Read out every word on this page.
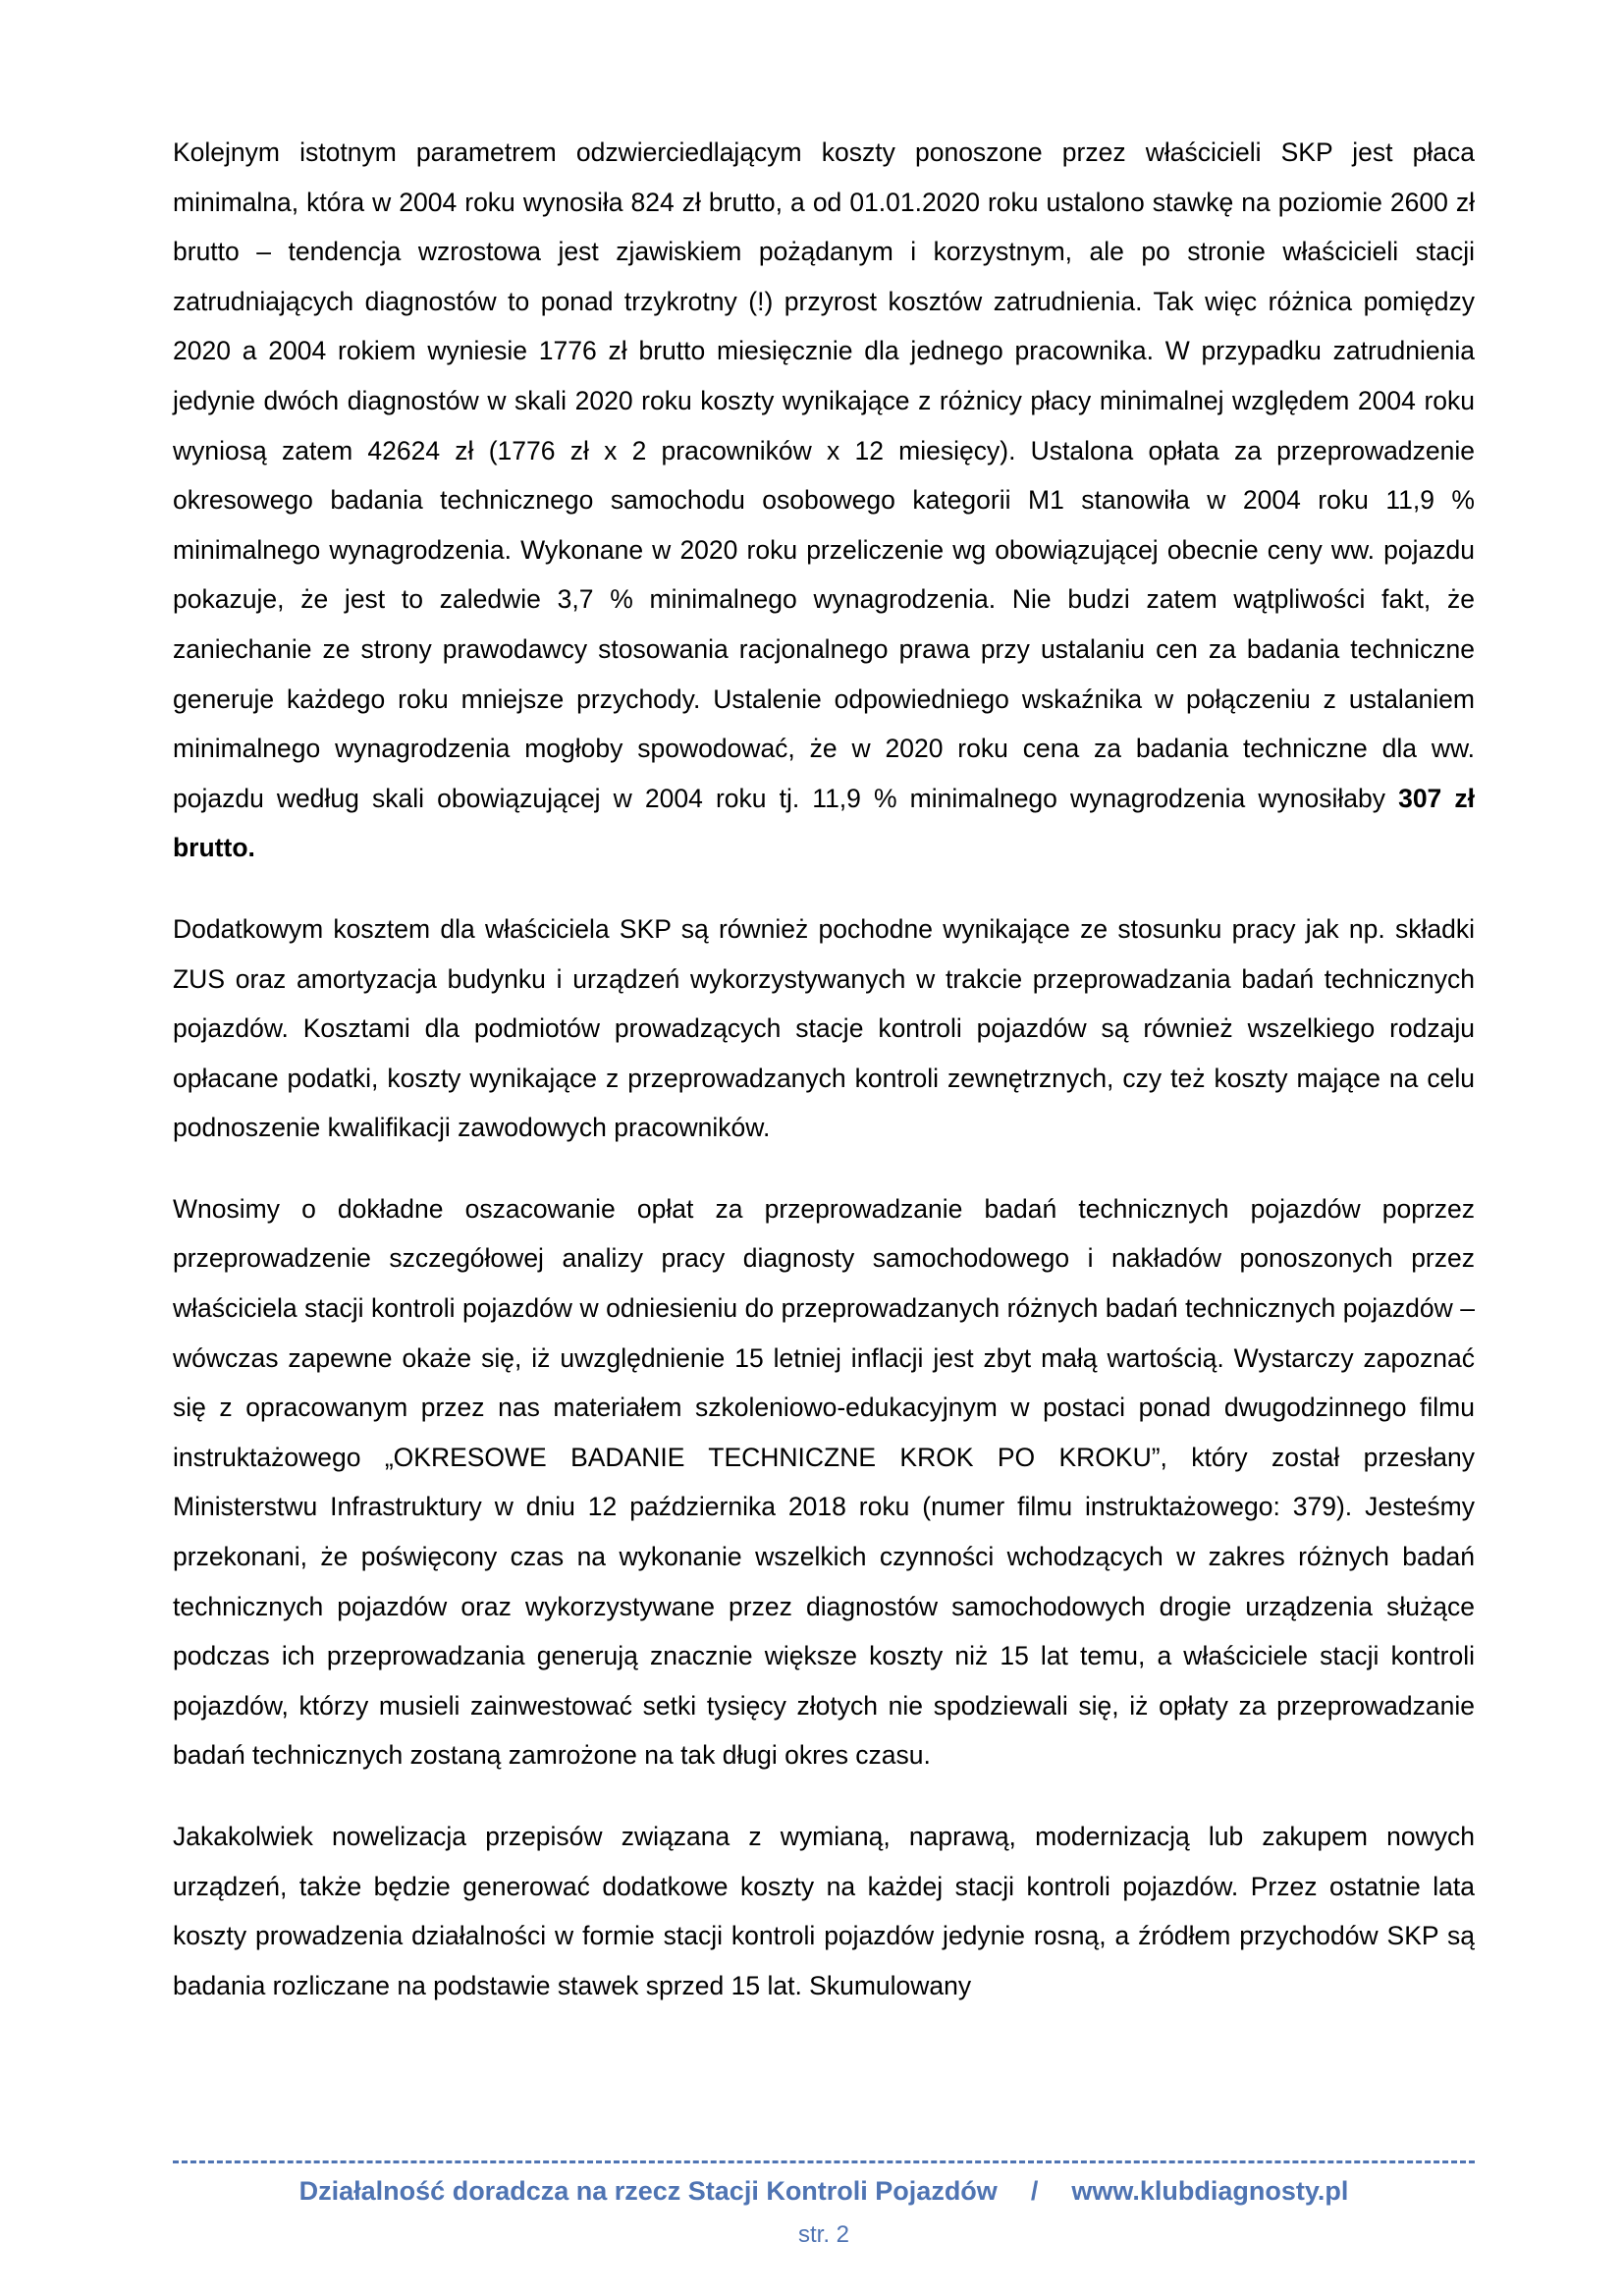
Kolejnym istotnym parametrem odzwierciedlającym koszty ponoszone przez właścicieli SKP jest płaca minimalna, która w 2004 roku wynosiła 824 zł brutto, a od 01.01.2020 roku ustalono stawkę na poziomie 2600 zł brutto – tendencja wzrostowa jest zjawiskiem pożądanym i korzystnym, ale po stronie właścicieli stacji zatrudniających diagnostów to ponad trzykrotny (!) przyrost kosztów zatrudnienia. Tak więc różnica pomiędzy 2020 a 2004 rokiem wyniesie 1776 zł brutto miesięcznie dla jednego pracownika. W przypadku zatrudnienia jedynie dwóch diagnostów w skali 2020 roku koszty wynikające z różnicy płacy minimalnej względem 2004 roku wyniosą zatem 42624 zł (1776 zł x 2 pracowników x 12 miesięcy). Ustalona opłata za przeprowadzenie okresowego badania technicznego samochodu osobowego kategorii M1 stanowiła w 2004 roku 11,9 % minimalnego wynagrodzenia. Wykonane w 2020 roku przeliczenie wg obowiązującej obecnie ceny ww. pojazdu pokazuje, że jest to zaledwie 3,7 % minimalnego wynagrodzenia. Nie budzi zatem wątpliwości fakt, że zaniechanie ze strony prawodawcy stosowania racjonalnego prawa przy ustalaniu cen za badania techniczne generuje każdego roku mniejsze przychody. Ustalenie odpowiedniego wskaźnika w połączeniu z ustalaniem minimalnego wynagrodzenia mogłoby spowodować, że w 2020 roku cena za badania techniczne dla ww. pojazdu według skali obowiązującej w 2004 roku tj. 11,9 % minimalnego wynagrodzenia wynosiłaby 307 zł brutto.

Dodatkowym kosztem dla właściciela SKP są również pochodne wynikające ze stosunku pracy jak np. składki ZUS oraz amortyzacja budynku i urządzeń wykorzystywanych w trakcie przeprowadzania badań technicznych pojazdów. Kosztami dla podmiotów prowadzących stacje kontroli pojazdów są również wszelkiego rodzaju opłacane podatki, koszty wynikające z przeprowadzanych kontroli zewnętrznych, czy też koszty mające na celu podnoszenie kwalifikacji zawodowych pracowników.

Wnosimy o dokładne oszacowanie opłat za przeprowadzanie badań technicznych pojazdów poprzez przeprowadzenie szczegółowej analizy pracy diagnosty samochodowego i nakładów ponoszonych przez właściciela stacji kontroli pojazdów w odniesieniu do przeprowadzanych różnych badań technicznych pojazdów – wówczas zapewne okaże się, iż uwzględnienie 15 letniej inflacji jest zbyt małą wartością. Wystarczy zapoznać się z opracowanym przez nas materiałem szkoleniowo-edukacyjnym w postaci ponad dwugodzinnego filmu instruktażowego „OKRESOWE BADANIE TECHNICZNE KROK PO KROKU”, który został przesłany Ministerstwu Infrastruktury w dniu 12 października 2018 roku (numer filmu instruktażowego: 379). Jesteśmy przekonani, że poświęcony czas na wykonanie wszelkich czynności wchodzących w zakres różnych badań technicznych pojazdów oraz wykorzystywane przez diagnostów samochodowych drogie urządzenia służące podczas ich przeprowadzania generują znacznie większe koszty niż 15 lat temu, a właściciele stacji kontroli pojazdów, którzy musieli zainwestować setki tysięcy złotych nie spodziewali się, iż opłaty za przeprowadzanie badań technicznych zostaną zamrożone na tak długi okres czasu.

Jakakolwiek nowelizacja przepisów związana z wymianą, naprawą, modernizacją lub zakupem nowych urządzeń, także będzie generować dodatkowe koszty na każdej stacji kontroli pojazdów. Przez ostatnie lata koszty prowadzenia działalności w formie stacji kontroli pojazdów jedynie rosną, a źródłem przychodów SKP są badania rozliczane na podstawie stawek sprzed 15 lat. Skumulowany

Działalność doradcza na rzecz Stacji Kontroli Pojazdów / www.klubdiagnosty.pl
str. 2
